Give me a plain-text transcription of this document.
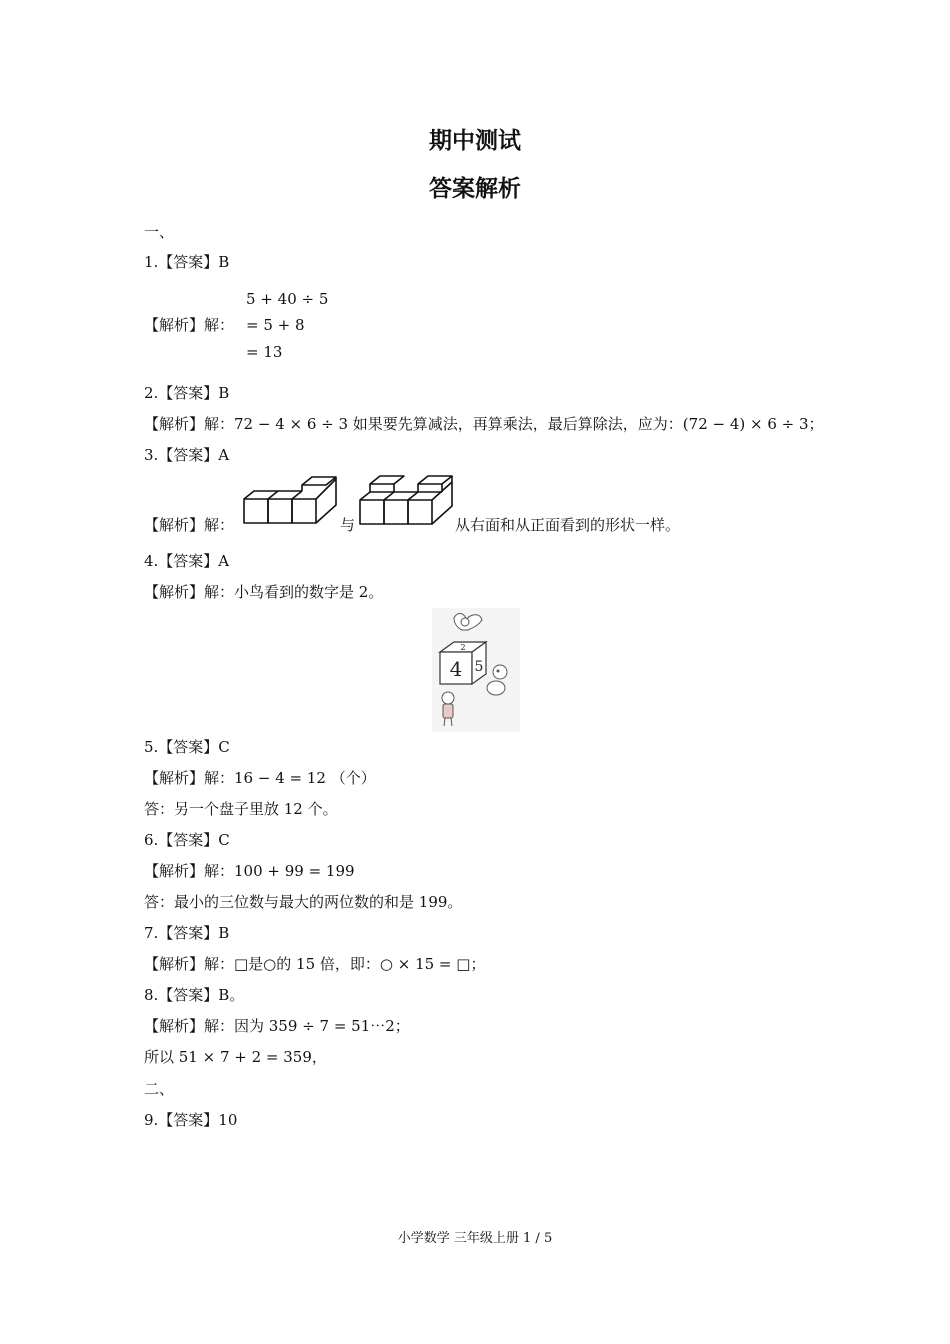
期中测试
答案解析
一、
1.【答案】B
5 + 40 ÷ 5
【解析】解： = 5 + 8
= 13
2.【答案】B
【解析】解：72 − 4 × 6 ÷ 3 如果要先算减法，再算乘法，最后算除法，应为：(72 − 4) × 6 ÷ 3；
3.【答案】A
【解析】解：	与	从右面和从正面看到的形状一样。
4.【答案】A
【解析】解：小鸟看到的数字是 2。
4 5
2
5.【答案】C
【解析】解：16 − 4 = 12 （个）
答：另一个盘子里放 12 个。
6.【答案】C
【解析】解：100 + 99 = 199
答：最小的三位数与最大的两位数的和是 199。
7.【答案】B
【解析】解：□是○的 15 倍，即：○ × 15 = □；
8.【答案】B。
【解析】解：因为 359 ÷ 7 = 51⋯2；
所以 51 × 7 + 2 = 359，
二、
9.【答案】10
小学数学 三年级上册 1 / 5
